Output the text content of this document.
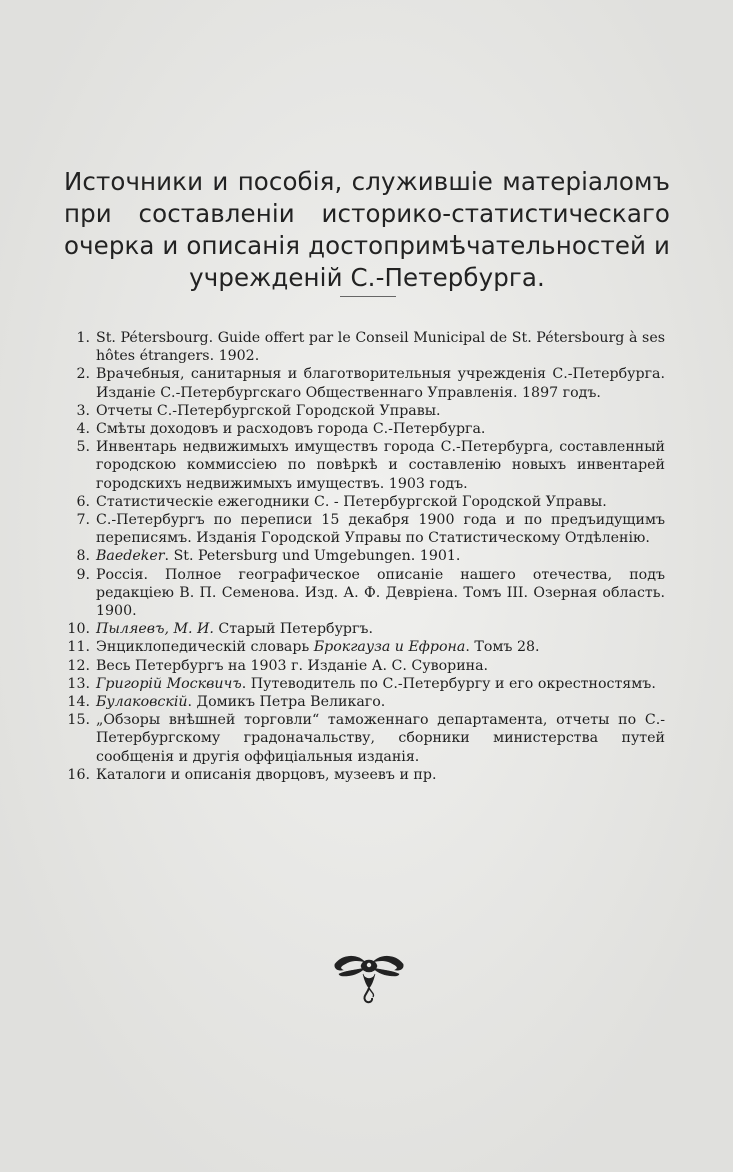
Источники и пособія, служившіе матеріаломъ при составленіи историко-статистическаго очерка и описанія достопримѣчательностей и учрежденій С.-Петербурга.
1. St. Pétersbourg. Guide offert par le Conseil Municipal de St. Pétersbourg à ses hôtes étrangers. 1902.
2. Врачебныя, санитарныя и благотворительныя учрежденія С.-Петербурга. Изданіе С.-Петербургскаго Общественнаго Управленія. 1897 годъ.
3. Отчеты С.-Петербургской Городской Управы.
4. Смѣты доходовъ и расходовъ города С.-Петербурга.
5. Инвентарь недвижимыхъ имуществъ города С.-Петербурга, составленный городскою коммиссіею по повѣркѣ и составленію новыхъ инвентарей городскихъ недвижимыхъ имуществъ. 1903 годъ.
6. Статистическіе ежегодники С. - Петербургской Городской Управы.
7. С.-Петербургъ по переписи 15 декабря 1900 года и по предъидущимъ переписямъ. Изданія Городской Управы по Статистическому Отдѣленію.
8. Baedeker. St. Petersburg und Umgebungen. 1901.
9. Россія. Полное географическое описаніе нашего отечества, подъ редакціею В. П. Семенова. Изд. А. Ф. Девріена. Томъ III. Озерная область. 1900.
10. Пыляевъ, М. И. Старый Петербургъ.
11. Энциклопедическій словарь Брокгауза и Ефрона. Томъ 28.
12. Весь Петербургъ на 1903 г. Изданіе А. С. Суворина.
13. Григорій Москвичъ. Путеводитель по С.-Петербургу и его окрестностямъ.
14. Булаковскій. Домикъ Петра Великаго.
15. „Обзоры внѣшней торговли“ таможеннаго департамента, отчеты по С.-Петербургскому градоначальству, сборники министерства путей сообщенія и другія оффиціальныя изданія.
16. Каталоги и описанія дворцовъ, музеевъ и пр.
